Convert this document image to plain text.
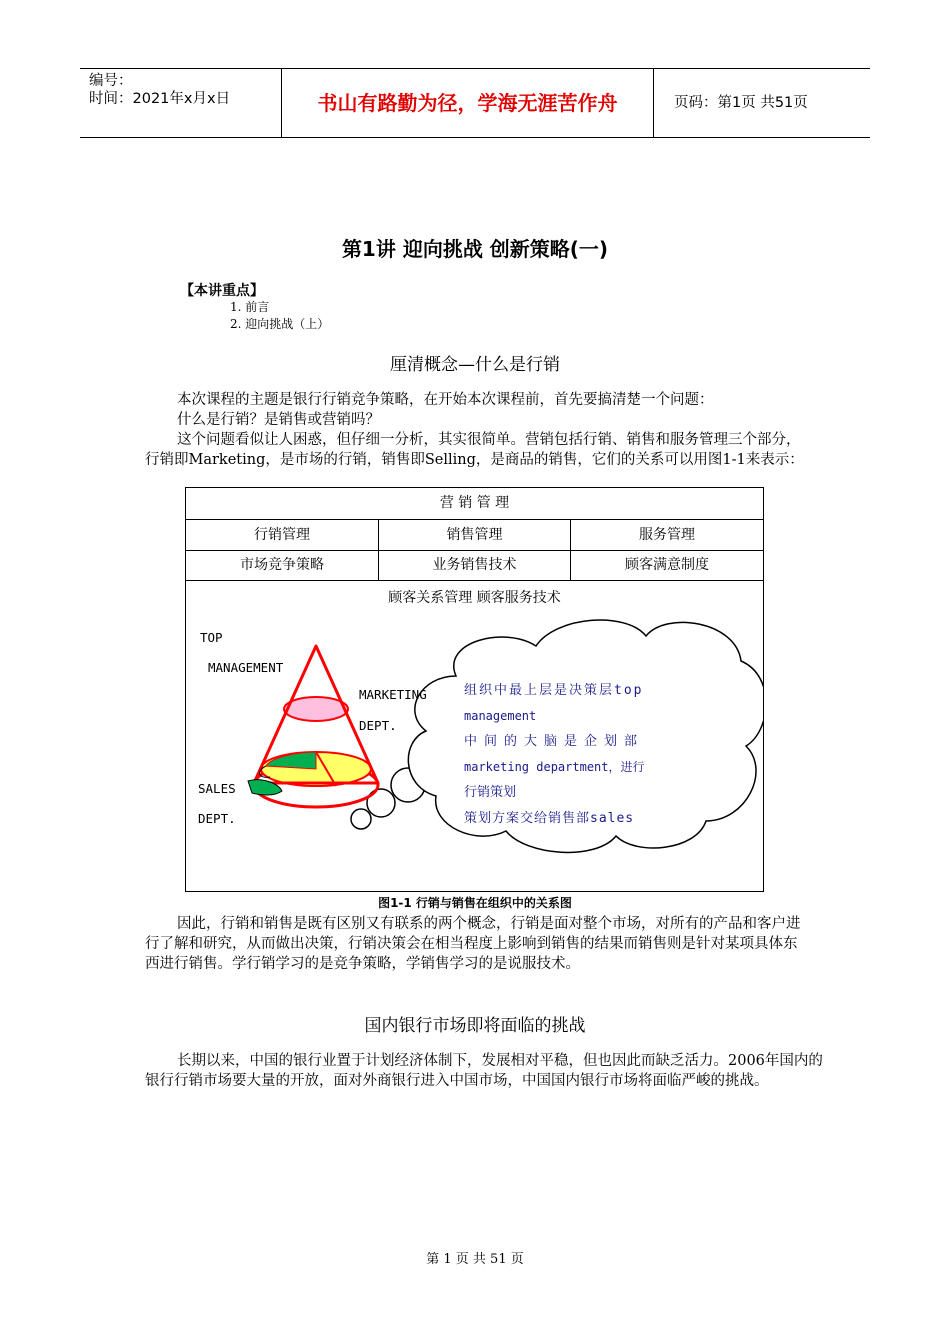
编号：
时间：2021年x月x日	书山有路勤为径，学海无涯苦作舟	页码：第1页 共51页
第1讲 迎向挑战 创新策略(一)
【本讲重点】
1. 前言
2. 迎向挑战（上）
厘清概念—什么是行销

本次课程的主题是银行行销竞争策略，在开始本次课程前，首先要搞清楚一个问题：

什么是行销？是销售或营销吗？

这个问题看似让人困惑，但仔细一分析，其实很简单。营销包括行销、销售和服务管理三个部分，行销即Marketing，是市场的行销，销售即Selling，是商品的销售，它们的关系可以用图1-1来表示：

营 销 管 理
行销管理	销售管理	服务管理
市场竞争策略	业务销售技术	顾客满意制度
顾客关系管理 顾客服务技术
TOP
MANAGEMENT
MARKETING
DEPT.
SALES
DEPT.
组织中最上层是决策层top
management
中间的大脑是企划部
marketing department，进行
行销策划
策划方案交给销售部sales
图1-1 行销与销售在组织中的关系图

因此，行销和销售是既有区别又有联系的两个概念，行销是面对整个市场，对所有的产品和客户进行了解和研究，从而做出决策，行销决策会在相当程度上影响到销售的结果而销售则是针对某项具体东西进行销售。学行销学习的是竞争策略，学销售学习的是说服技术。

国内银行市场即将面临的挑战

长期以来，中国的银行业置于计划经济体制下，发展相对平稳，但也因此而缺乏活力。2006年国内的银行行销市场要大量的开放，面对外商银行进入中国市场，中国国内银行市场将面临严峻的挑战。

第 1 页 共 51 页
